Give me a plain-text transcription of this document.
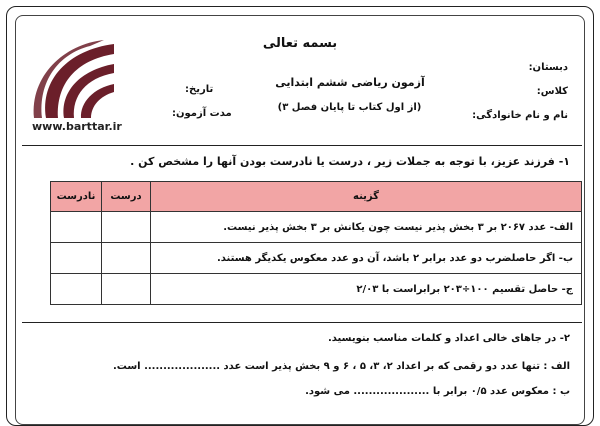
بسمه تعالی
دبستان:
کلاس:
نام و نام خانوادگی:
آزمون ریاضی ششم ابتدایی
(از اول کتاب تا پایان فصل ۳)
تاریخ:
مدت آزمون:
www.barttar.ir
۱- فرزند عزیز، با توجه به جملات زیر ، درست یا نادرست بودن آنها را مشخص کن .
گزینه	درست	نادرست
الف- عدد ۲۰۶۷ بر ۳ بخش پذیر نیست چون یکانش بر ۳ بخش پذیر نیست.		
ب- اگر حاصلضرب دو عدد برابر ۲ باشد، آن دو عدد معکوس یکدیگر هستند.		
ج- حاصل تقسیم ۱۰۰÷۲۰۳ برابراست با ۲/۰۳		
۲- در جاهای خالی اعداد و کلمات مناسب بنویسید.
الف : تنها عدد دو رقمی که بر اعداد ۲، ۳، ۵ ، ۶ و ۹ بخش پذیر است عدد .................... است.
ب : معکوس عدد ۰/۵ برابر با .................... می شود.
